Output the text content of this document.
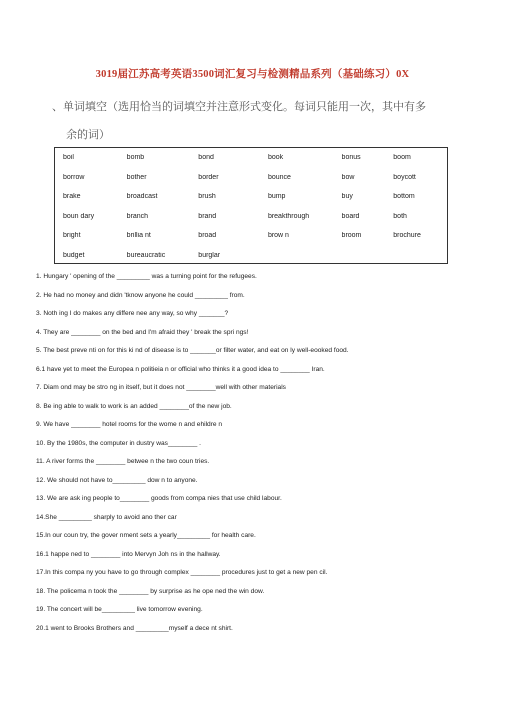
3019届江苏高考英语3500词汇复习与检测精品系列（基础练习）0X
、单词填空（选用恰当的词填空并注意形式变化。每词只能用一次，其中有多
余的词）
boil	bomb	bond	book	bonus	boom
borrow	bother	border	bounce	bow	boycott
brake	broadcast	brush	bump	buy	bottom
boun dary	branch	brand	breakthrough	board	both
bright	brillia nt	broad	brow n	broom	brochure
budget	bureaucratic	burglar
1. Hungary ' opening of the _________ was a turning point for the refugees.
2. He had no money and didn 'tknow anyone he could _________ from.
3. Noth ing I do makes any differe nee any way, so why _______?
4. They are ________ on the bed and I'm afraid they ' break the spri ngs!
5. The best preve nti on for this ki nd of disease is to _______or filter water, and eat on ly well-eooked food.
6.1 have yet to meet the Europea n politieia n or official who thinks it a good idea to ________ Iran.
7. Diam ond may be stro ng in itself, but it does not ________well with other materials
8. Be ing able to walk to work is an added ________of the new job.
9. We have ________ hotel rooms for the wome n and ehildre n
10. By the 1980s, the computer in dustry was________ .
11. A river forms the ________ betwee n the two coun tries.
12. We should not have to_________ dow n to anyone.
13. We are ask ing people to________ goods from compa nies that use child labour.
14.She _________ sharply to avoid ano ther car
15.In our coun try, the gover nment sets a yearly_________ for health care.
16.1 happe ned to ________ into Mervyn Joh ns in the hallway.
17.In this compa ny you have to go through complex ________ procedures just to get a new pen cil.
18. The policema n took the ________ by surprise as he ope ned the win dow.
19. The concert will be_________ live tomorrow evening.
20.1 went to Brooks Brothers and _________myself a dece nt shirt.
